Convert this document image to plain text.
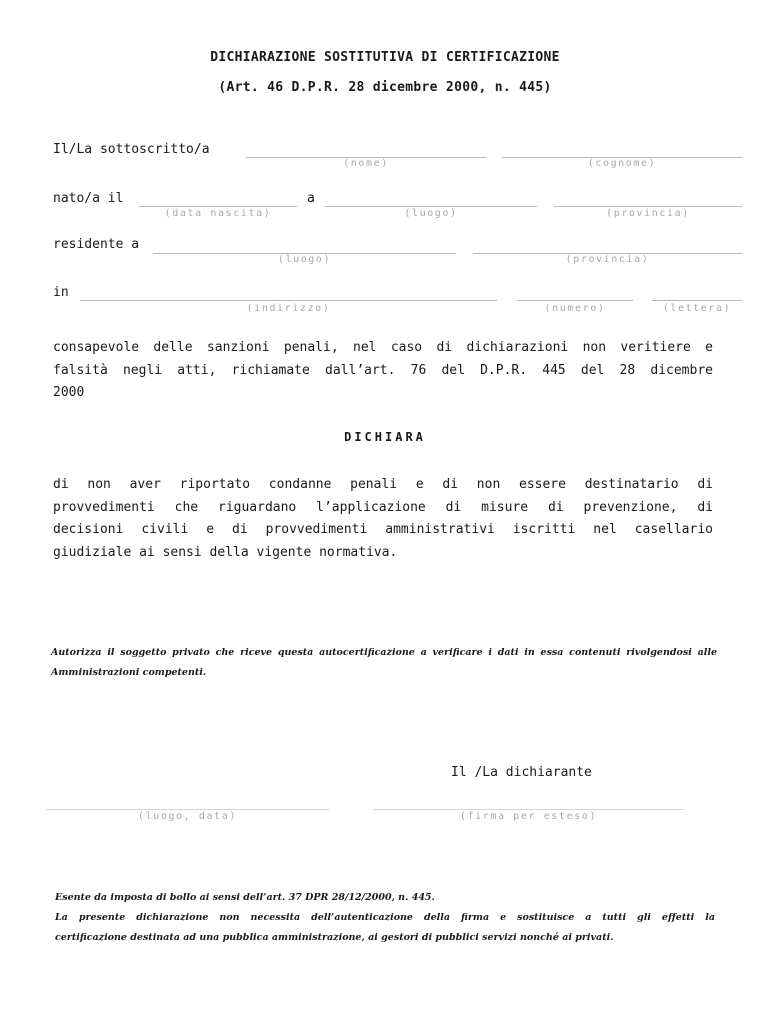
DICHIARAZIONE SOSTITUTIVA DI CERTIFICAZIONE
(Art. 46 D.P.R. 28 dicembre 2000, n. 445)
Il/La sottoscritto/a
(nome)	(cognome)
nato/a il
(data nascita)
a
(luogo)	(provincia)
residente a
(luogo)	(provincia)
in
(indirizzo)	(numero)	(lettera)
consapevole delle sanzioni penali, nel caso di dichiarazioni non veritiere e
falsità negli atti, richiamate dall’art. 76 del D.P.R. 445 del 28 dicembre
2000
DICHIARA
di non aver riportato condanne penali e di non essere destinatario di
provvedimenti che riguardano l’applicazione di misure di prevenzione, di
decisioni civili e di provvedimenti amministrativi iscritti nel casellario
giudiziale ai sensi della vigente normativa.
Autorizza il soggetto privato che riceve questa autocertificazione a verificare i dati in essa contenuti rivolgendosi alle
Amministrazioni competenti.
Il /La dichiarante
(luogo, data)	(firma per esteso)
Esente da imposta di bollo ai sensi dell’art. 37 DPR 28/12/2000, n. 445.
La presente dichiarazione non necessita dell’autenticazione della firma e sostituisce a tutti gli effetti la
certificazione destinata ad una pubblica amministrazione, ai gestori di pubblici servizi nonché ai privati.
